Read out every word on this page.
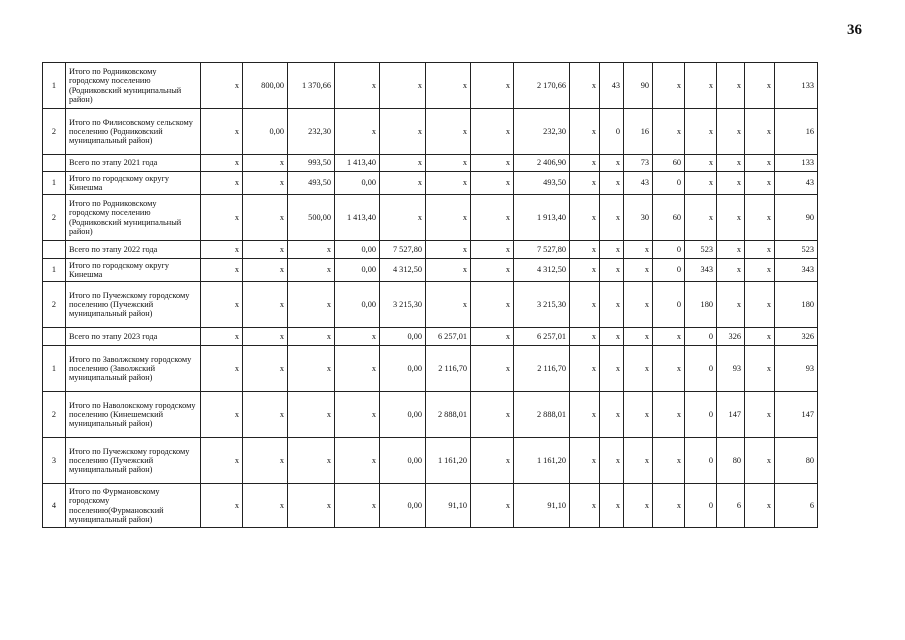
36
1	Итого по Родниковскому городскому поселению (Родниковский муниципальный район)	x	800,00	1 370,66	x	x	x	x	2 170,66	x	43	90	x	x	x	x	133
2	Итого по Филисовскому сельскому поселению (Родниковский муниципальный район)	x	0,00	232,30	x	x	x	x	232,30	x	0	16	x	x	x	x	16
	Всего по этапу 2021 года	x	x	993,50	1 413,40	x	x	x	2 406,90	x	x	73	60	x	x	x	133
1	Итого по городскому округу Кинешма	x	x	493,50	0,00	x	x	x	493,50	x	x	43	0	x	x	x	43
2	Итого по Родниковскому городскому поселению (Родниковский муниципальный район)	x	x	500,00	1 413,40	x	x	x	1 913,40	x	x	30	60	x	x	x	90
	Всего по этапу 2022 года	x	x	x	0,00	7 527,80	x	x	7 527,80	x	x	x	0	523	x	x	523
1	Итого по городскому округу Кинешма	x	x	x	0,00	4 312,50	x	x	4 312,50	x	x	x	0	343	x	x	343
2	Итого по Пучежскому городскому поселению (Пучежский муниципальный район)	x	x	x	0,00	3 215,30	x	x	3 215,30	x	x	x	0	180	x	x	180
	Всего по этапу 2023 года	x	x	x	x	0,00	6 257,01	x	6 257,01	x	x	x	x	0	326	x	326
1	Итого по Заволжскому городскому поселению (Заволжский муниципальный район)	x	x	x	x	0,00	2 116,70	x	2 116,70	x	x	x	x	0	93	x	93
2	Итого по Наволокскому городскому поселению (Кинешемский муниципальный район)	x	x	x	x	0,00	2 888,01	x	2 888,01	x	x	x	x	0	147	x	147
3	Итого по Пучежскому городскому поселению (Пучежский муниципальный район)	x	x	x	x	0,00	1 161,20	x	1 161,20	x	x	x	x	0	80	x	80
4	Итого по Фурмановскому городскому поселению(Фурмановский муниципальный район)	x	x	x	x	0,00	91,10	x	91,10	x	x	x	x	0	6	x	6
